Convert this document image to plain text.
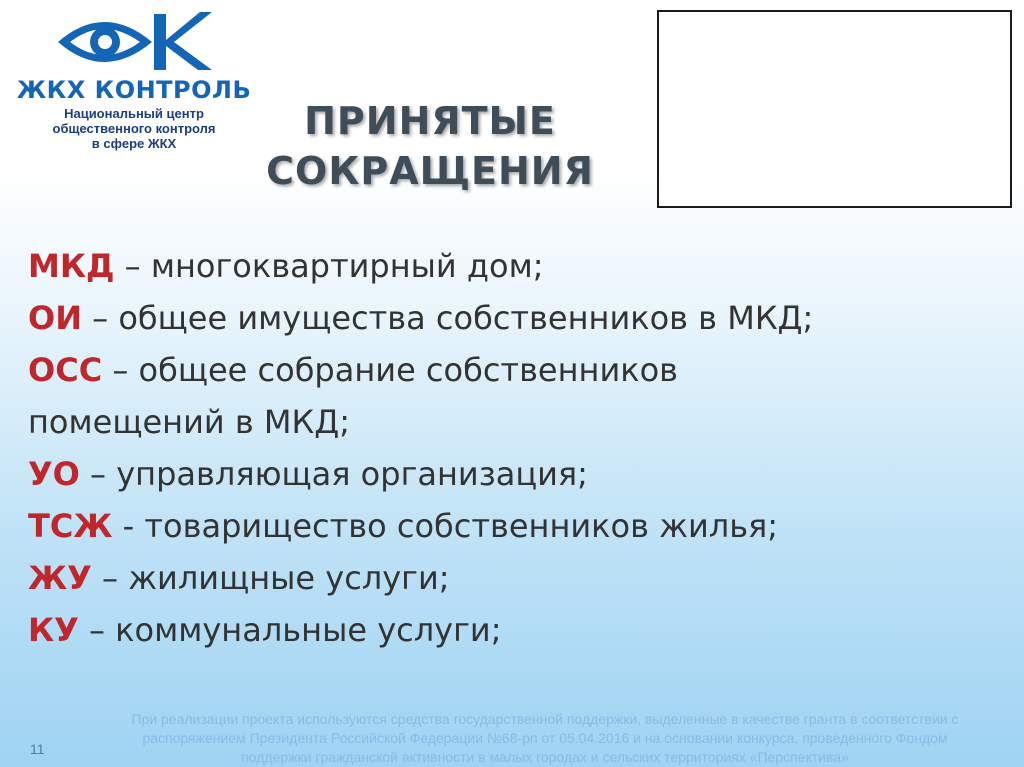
ЖКХ КОНТРОЛЬ
Национальный центр
общественного контроля
в сфере ЖКХ
ПРИНЯТЫЕ
СОКРАЩЕНИЯ
МКД – многоквартирный дом;
ОИ – общее имущества собственников в МКД;
ОСС – общее собрание собственников
помещений в МКД;
УО – управляющая организация;
ТСЖ - товарищество собственников жилья;
ЖУ – жилищные услуги;
КУ – коммунальные услуги;
11
При реализации проекта используются средства государственной поддержки, выделенные в качестве гранта в соответствии с
распоряжением Президента Российской Федерации №68-рп от 05.04.2016 и на основании конкурса, проведенного Фондом
поддержки гражданской активности в малых городах и сельских территориях «Перспектива»
